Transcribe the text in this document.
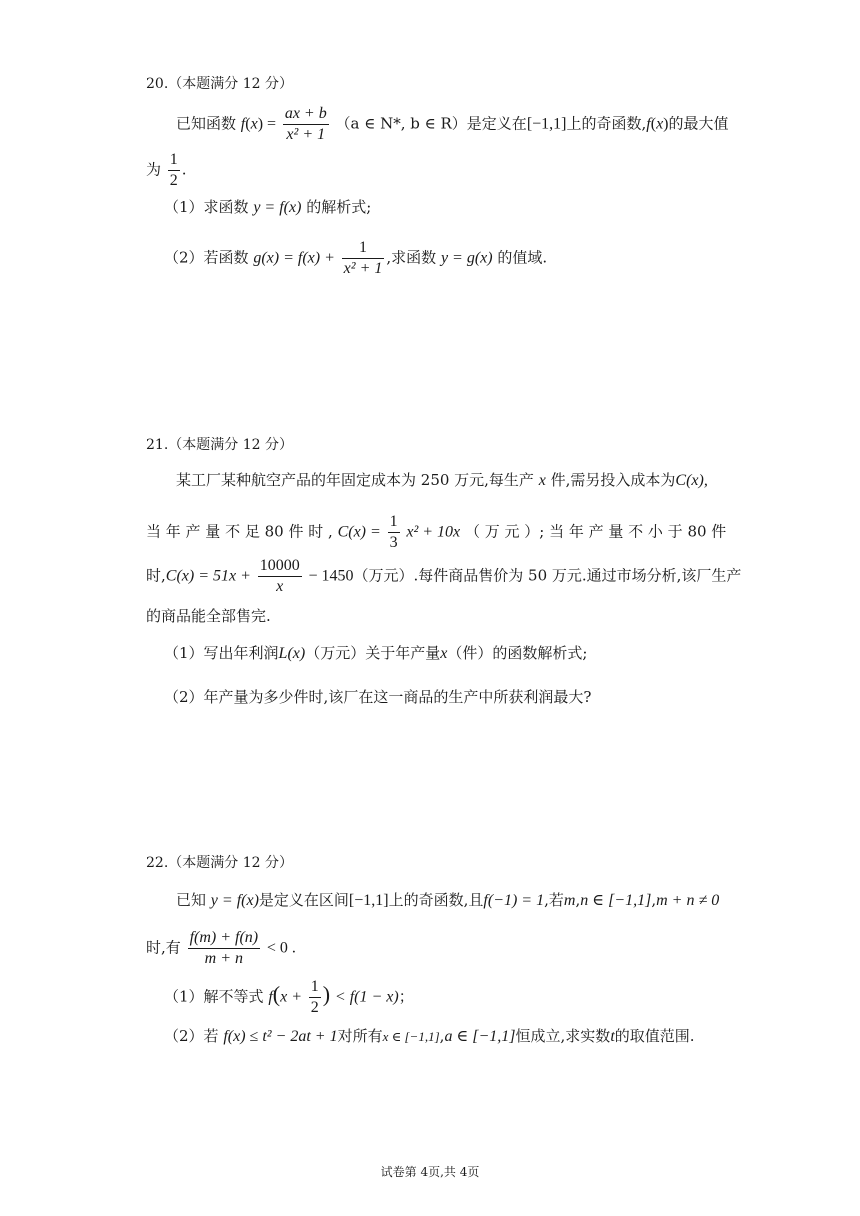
20.（本题满分 12 分）
已知函数 $f(x) = \frac{ax + b}{\text{x² + 1}} (a$ ∈ N*, b ∈ R）是定义在[−1,1]上的奇函数,f(x)的最大值
为 $\frac{1}{2}$ .
（1）求函数 y = f(x) 的解析式;
（2）若函数 $g(x) = f(x) + \frac{1}{\text{x² + 1}}$ ,求函数 y = g(x) 的值域.
21.（本题满分 12 分）
某工厂某种航空产品的年固定成本为 250 万元,每生产 x 件,需另投入成本为C(x),
当 年 产 量 不 足 80 件 时 , $C(x) = \frac{1}{3} x^2 + 10x$ （ 万 元 ）; 当 年 产 量 不 小 于 80 件
时$,C(x) = 51x + \frac{10000}{x} - 1450$（万元）.每件商品售价为 50 万元.通过市场分析,该厂生产
的商品能全部售完.
（1）写出年利润L(x)（万元）关于年产量x（件）的函数解析式;
（2）年产量为多少件时,该厂在这一商品的生产中所获利润最大?
22.（本题满分 12 分）
已知 y = f(x)是定义在区间[−1,1]上的奇函数,且f(−1) = 1,若m,n ∈ [−1,1],m + n ≠ 0
时,有 $\frac{f(m) + f(n)}{m + n} < 0$ .
（1）解不等式 $f(x + \frac{1}{2}$ ) < f(1 − x)；
（2）若 f(x) ≤ t² − 2at + 1对所有x ∈ [−1,1],a ∈ [−1,1]恒成立,求实数t的取值范围.
试卷第 4页,共 4页
